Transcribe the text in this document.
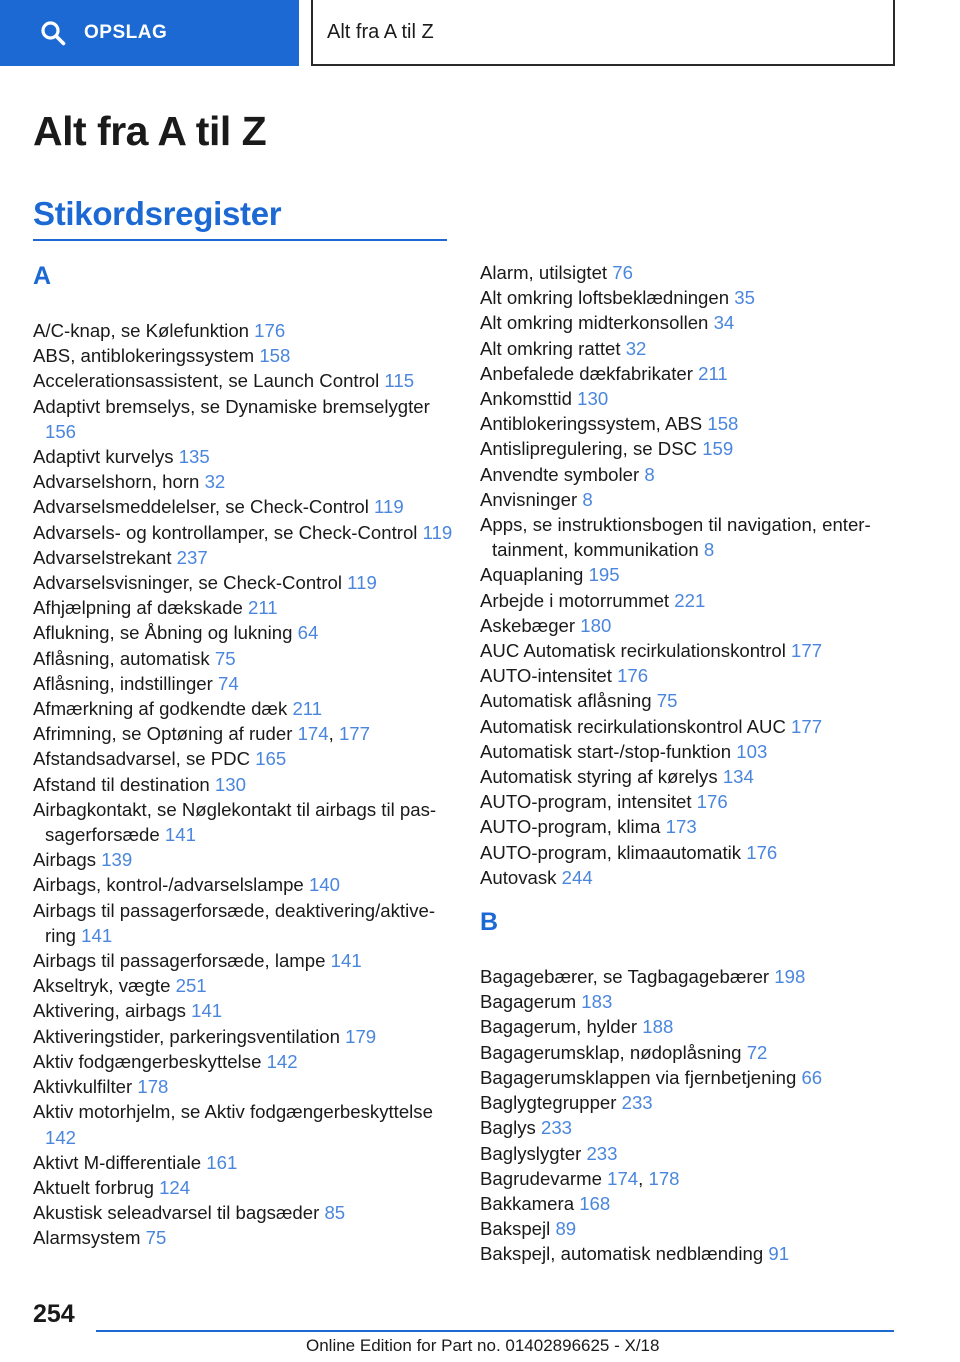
OPSLAG	Alt fra A til Z
Alt fra A til Z
Stikordsregister
A
A/C-knap, se Kølefunktion 176
ABS, antiblokeringssystem 158
Accelerationsassistent, se Launch Control 115
Adaptivt bremselys, se Dynamiske bremselygter 156
Adaptivt kurvelys 135
Advarselshorn, horn 32
Advarselsmeddelelser, se Check-Control 119
Advarsels- og kontrollamper, se Check-Control 119
Advarselstrekant 237
Advarselsvisninger, se Check-Control 119
Afhjælpning af dækskade 211
Aflukning, se Åbning og lukning 64
Aflåsning, automatisk 75
Aflåsning, indstillinger 74
Afmærkning af godkendte dæk 211
Afrimning, se Optøning af ruder 174, 177
Afstandsadvarsel, se PDC 165
Afstand til destination 130
Airbagkontakt, se Nøglekontakt til airbags til passagerforsæde 141
Airbags 139
Airbags, kontrol-/advarselslampe 140
Airbags til passagerforsæde, deaktivering/aktivering 141
Airbags til passagerforsæde, lampe 141
Akseltryk, vægte 251
Aktivering, airbags 141
Aktiveringstider, parkeringsventilation 179
Aktiv fodgængerbeskyttelse 142
Aktivkulfilter 178
Aktiv motorhjelm, se Aktiv fodgængerbeskyttelse 142
Aktivt M-differentiale 161
Aktuelt forbrug 124
Akustisk seleadvarsel til bagsæder 85
Alarmsystem 75
Alarm, utilsigtet 76
Alt omkring loftsbeklædningen 35
Alt omkring midterkonsollen 34
Alt omkring rattet 32
Anbefalede dækfabrikater 211
Ankomsttid 130
Antiblokeringssystem, ABS 158
Antislipregulering, se DSC 159
Anvendte symboler 8
Anvisninger 8
Apps, se instruktionsbogen til navigation, entertainment, kommunikation 8
Aquaplaning 195
Arbejde i motorrummet 221
Askebæger 180
AUC Automatisk recirkulationskontrol 177
AUTO-intensitet 176
Automatisk aflåsning 75
Automatisk recirkulationskontrol AUC 177
Automatisk start-/stop-funktion 103
Automatisk styring af kørelys 134
AUTO-program, intensitet 176
AUTO-program, klima 173
AUTO-program, klimaautomatik 176
Autovask 244
B
Bagagebærer, se Tagbagagebærer 198
Bagagerum 183
Bagagerum, hylder 188
Bagagerumsklap, nødoplåsning 72
Bagagerumsklappen via fjernbetjening 66
Baglygtegrupper 233
Baglys 233
Baglyslygter 233
Bagrudevarme 174, 178
Bakkamera 168
Bakspejl 89
Bakspejl, automatisk nedblænding 91
254
Online Edition for Part no. 01402896625 - X/18
